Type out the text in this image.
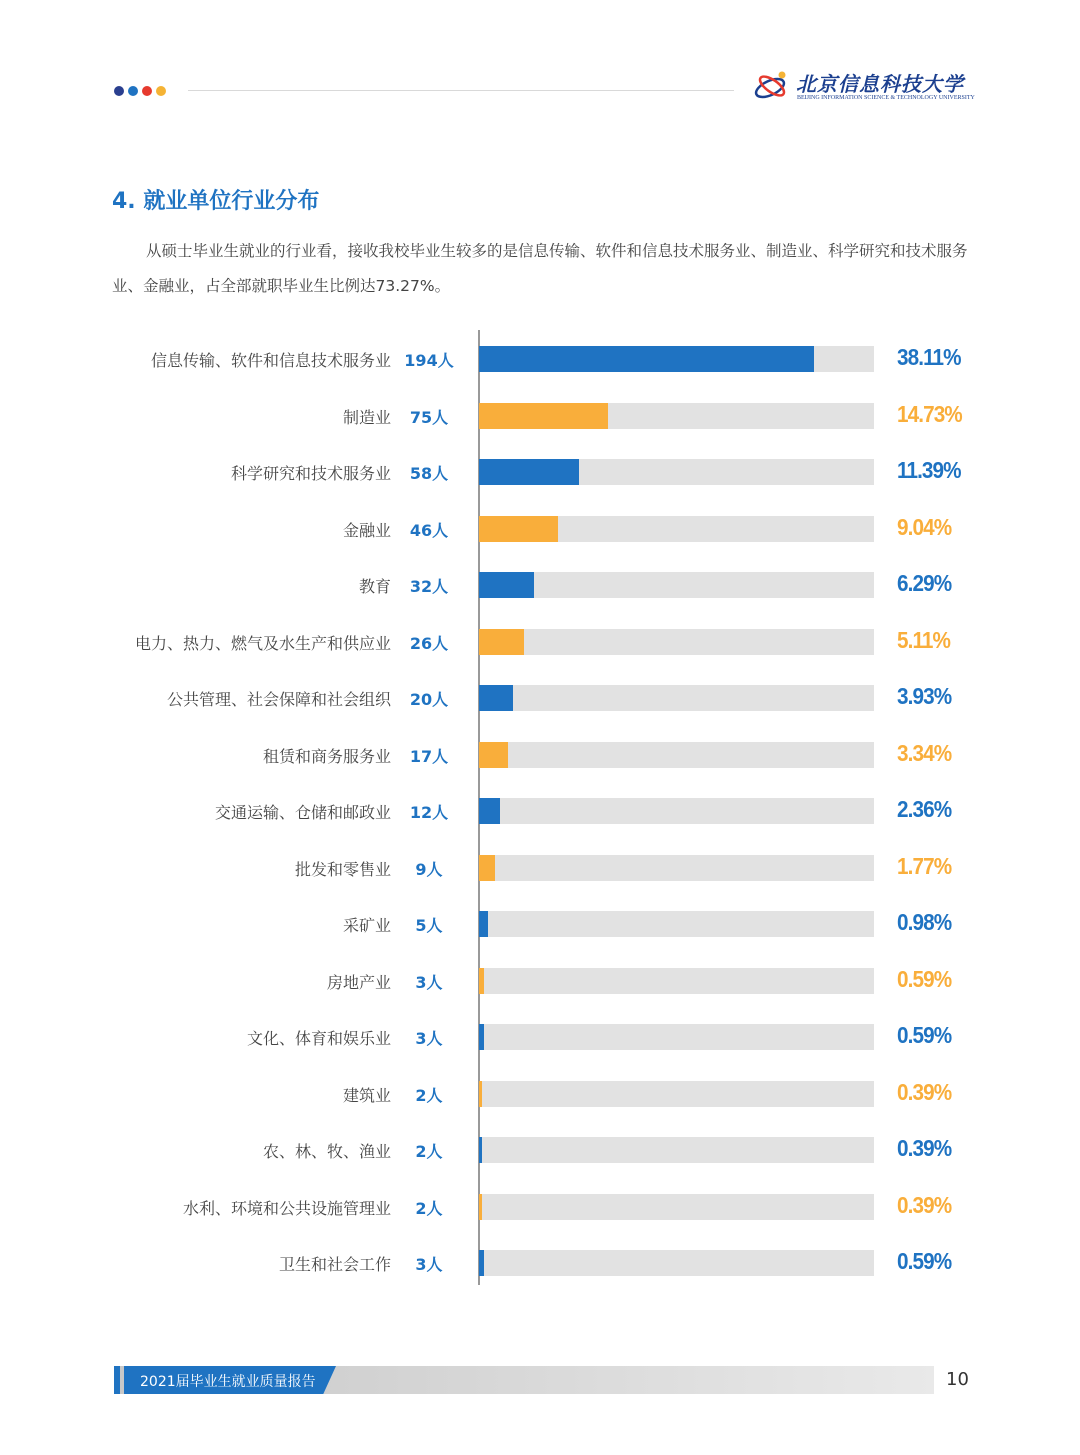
北京信息科技大学
BEIJING INFORMATION SCIENCE & TECHNOLOGY UNIVERSITY
4. 就业单位行业分布
从硕士毕业生就业的行业看，接收我校毕业生较多的是信息传输、软件和信息技术服务业、制造业、科学研究和技术服务业、金融业，占全部就职毕业生比例达73.27%。
信息传输、软件和信息技术服务业 194人	38.11%
制造业	75人	14.73%
科学研究和技术服务业	58人	11.39%
金融业	46人	9.04%
教育	32人	6.29%
电力、热力、燃气及水生产和供应业	26人	5.11%
公共管理、社会保障和社会组织	20人	3.93%
租赁和商务服务业	17人	3.34%
交通运输、仓储和邮政业	12人	2.36%
批发和零售业	9人	1.77%
采矿业	5人	0.98%
房地产业	3人	0.59%
文化、体育和娱乐业	3人	0.59%
建筑业	2人	0.39%
农、林、牧、渔业	2人	0.39%
水利、环境和公共设施管理业	2人	0.39%
卫生和社会工作	3人	0.59%
2021届毕业生就业质量报告	10
